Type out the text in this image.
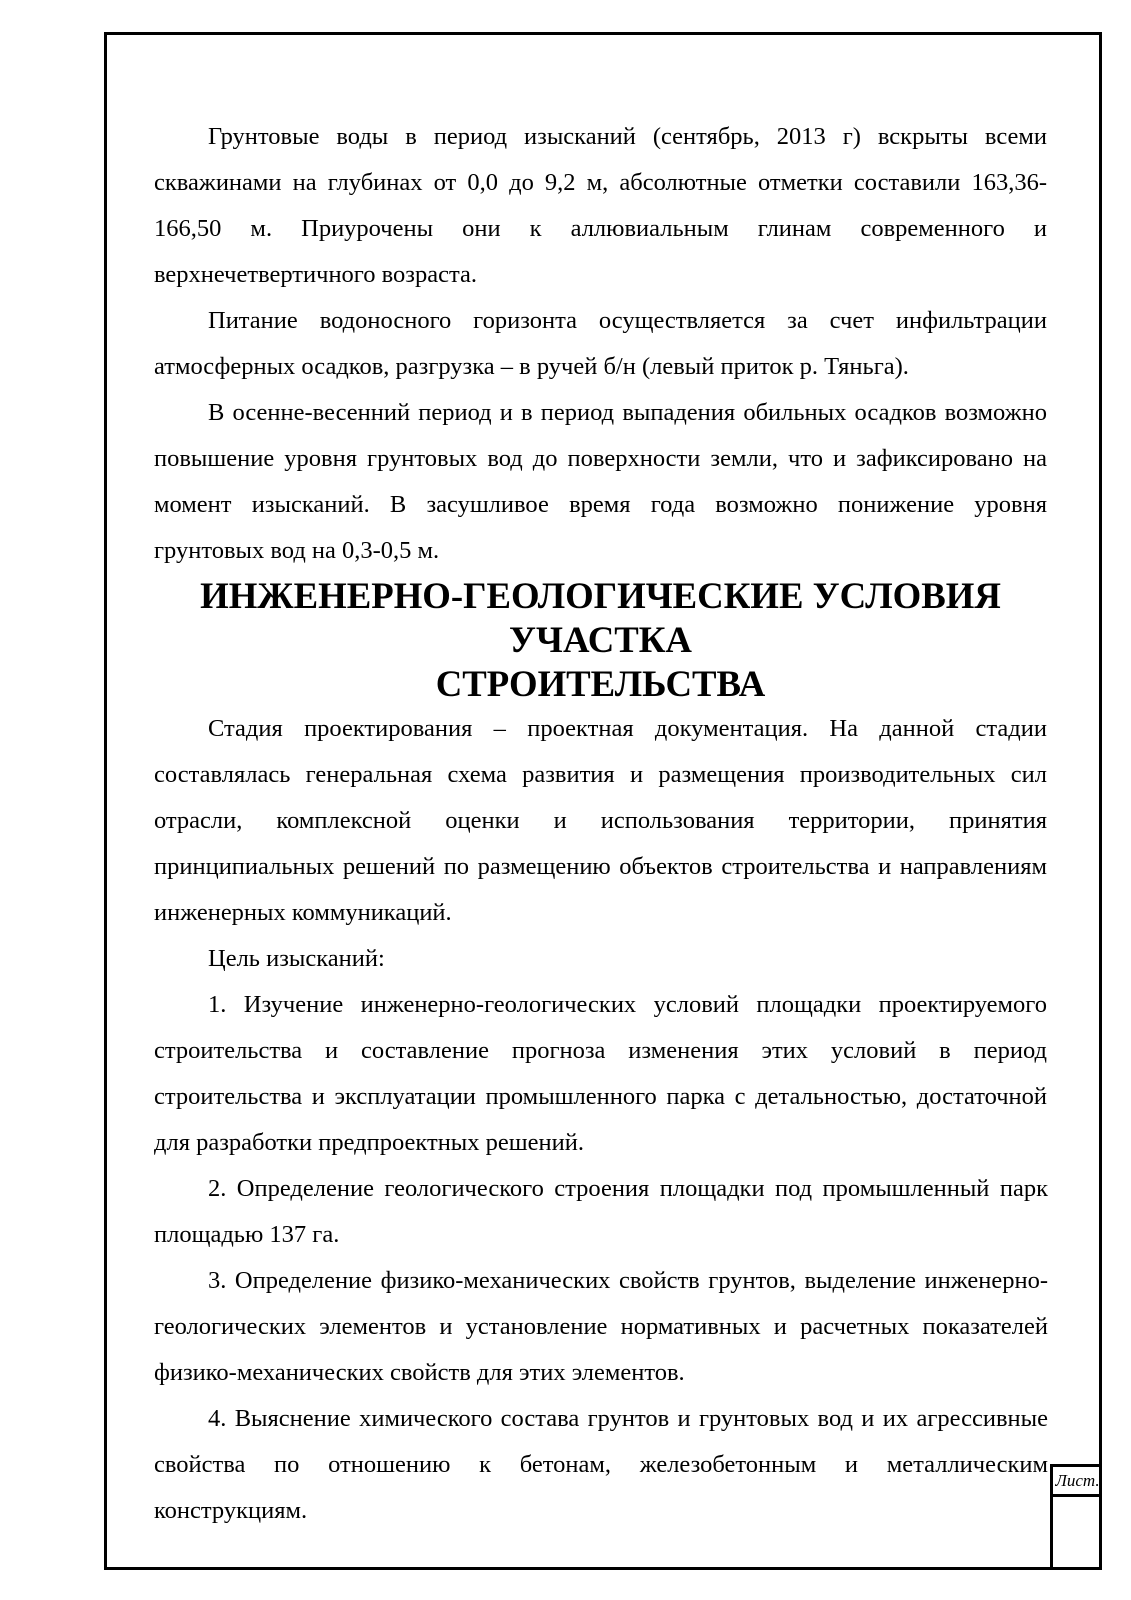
Грунтовые воды в период изысканий (сентябрь, 2013 г) вскрыты всеми скважинами на глубинах от 0,0 до 9,2 м, абсолютные отметки составили 163,36-166,50 м. Приурочены они к аллювиальным глинам современного и верхнечетвертичного возраста.

Питание водоносного горизонта осуществляется за счет инфильтрации атмосферных осадков, разгрузка – в ручей б/н (левый приток р. Тяньга).

В осенне-весенний период и в период выпадения обильных осадков возможно повышение уровня грунтовых вод до поверхности земли, что и зафиксировано на момент изысканий. В засушливое время года возможно понижение уровня грунтовых вод на 0,3-0,5 м.

ИНЖЕНЕРНО-ГЕОЛОГИЧЕСКИЕ УСЛОВИЯ УЧАСТКА
СТРОИТЕЛЬСТВА

Стадия проектирования – проектная документация. На данной стадии составлялась генеральная схема развития и размещения производительных сил отрасли, комплексной оценки и использования территории, принятия принципиальных решений по размещению объектов строительства и направлениям инженерных коммуникаций.

Цель изысканий:

1. Изучение инженерно-геологических условий площадки проектируемого строительства и составление прогноза изменения этих условий в период строительства и эксплуатации промышленного парка с детальностью, достаточной для разработки предпроектных решений.

2. Определение геологического строения площадки под промышленный парк площадью 137 га.

3. Определение физико-механических свойств грунтов, выделение инженерно-геологических элементов и установление нормативных и расчетных показателей физико-механических свойств для этих элементов.

4. Выяснение химического состава грунтов и грунтовых вод и их агрессивные свойства по отношению к бетонам, железобетонным и металлическим конструкциям.

Лист.
